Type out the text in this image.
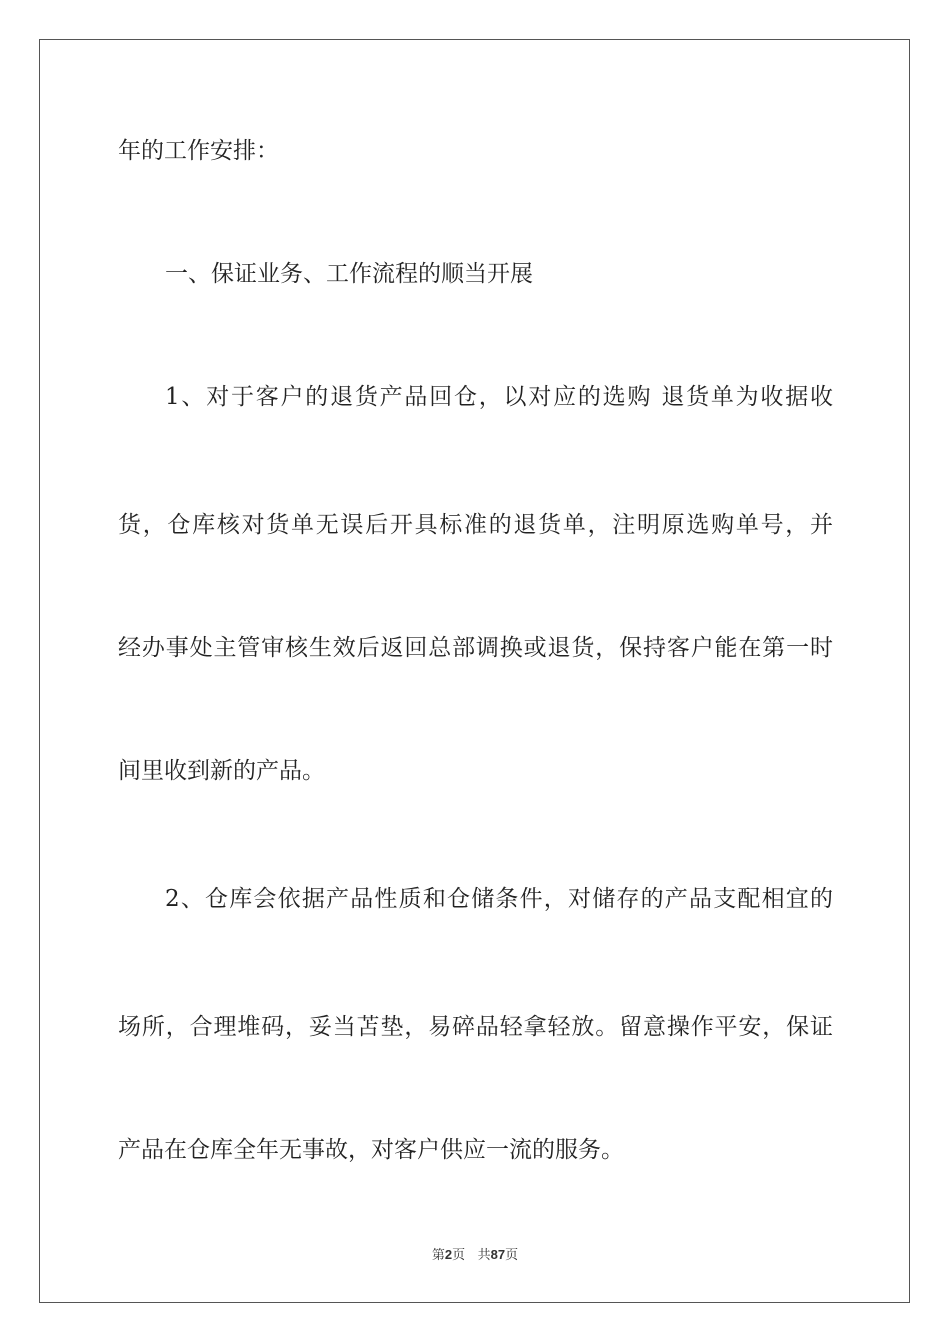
年的工作安排：
一、保证业务、工作流程的顺当开展
1、对于客户的退货产品回仓，以对应的选购 退货单为收据收
货，仓库核对货单无误后开具标准的退货单，注明原选购单号，并
经办事处主管审核生效后返回总部调换或退货，保持客户能在第一时
间里收到新的产品。
2、仓库会依据产品性质和仓储条件，对储存的产品支配相宜的
场所，合理堆码，妥当苫垫，易碎品轻拿轻放。留意操作平安，保证
产品在仓库全年无事故，对客户供应一流的服务。
第2页 共87页
